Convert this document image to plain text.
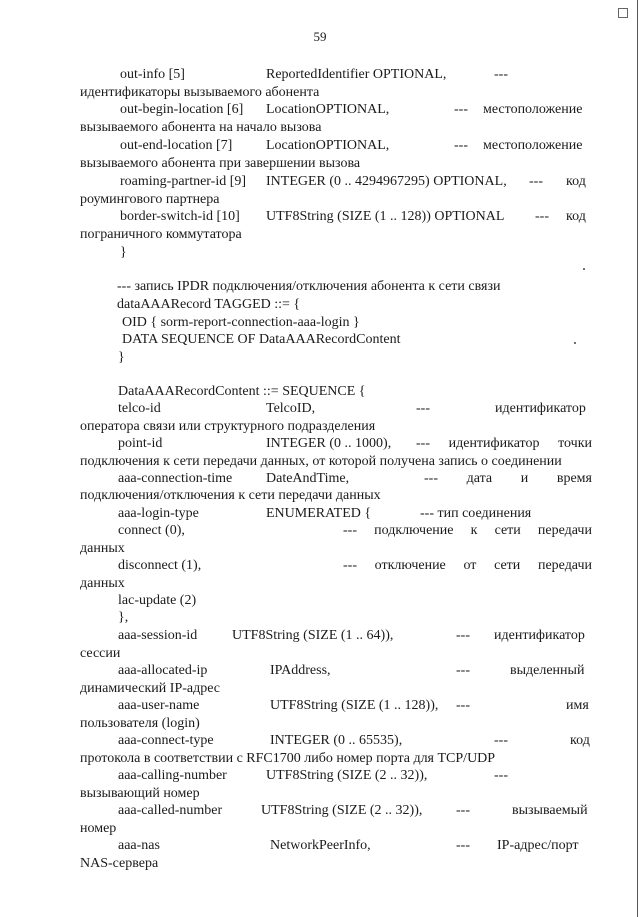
59
out-info [5]	ReportedIdentifier OPTIONAL,	---
идентификаторы вызываемого абонента
out-begin-location [6] LocationOPTIONAL,	--- местоположение
вызываемого абонента на начало вызова
out-end-location [7] LocationOPTIONAL,	--- местоположение
вызываемого абонента при завершении вызова
roaming-partner-id [9] INTEGER (0 .. 4294967295) OPTIONAL, --- код
роумингового партнера
border-switch-id [10] UTF8String (SIZE (1 .. 128)) OPTIONAL --- код
пограничного коммутатора
}
--- запись IPDR подключения/отключения абонента к сети связи
dataAAARecord TAGGED ::= {
OID { sorm-report-connection-aaa-login }
DATA SEQUENCE OF DataAAARecordContent
}
DataAAARecordContent ::= SEQUENCE {
telco-id	TelcoID,	---	идентификатор
оператора связи или структурного подразделения
point-id	INTEGER (0 .. 1000), --- идентификатор точки
подключения к сети передачи данных, от которой получена запись о соединении
aaa-connection-time DateAndTime,	--- дата и время
подключения/отключения к сети передачи данных
aaa-login-type	ENUMERATED {	--- тип соединения
connect (0),	--- подключение к сети передачи
данных
disconnect (1),	--- отключение от сети передачи
данных
lac-update (2)
},
aaa-session-id UTF8String (SIZE (1 .. 64)),	--- идентификатор
сессии
aaa-allocated-ip	IPAddress,	---	выделенный
динамический IP-адрес
aaa-user-name	UTF8String (SIZE (1 .. 128)), ---	имя
пользователя (login)
aaa-connect-type	INTEGER (0 .. 65535),	---	код
протокола в соответствии с RFC1700 либо номер порта для TCP/UDP
aaa-calling-number	UTF8String (SIZE (2 .. 32)),	---
вызывающий номер
aaa-called-number	UTF8String (SIZE (2 .. 32)), ---	вызываемый
номер
aaa-nas	NetworkPeerInfo,	--- IP-адрес/порт
NAS-сервера
